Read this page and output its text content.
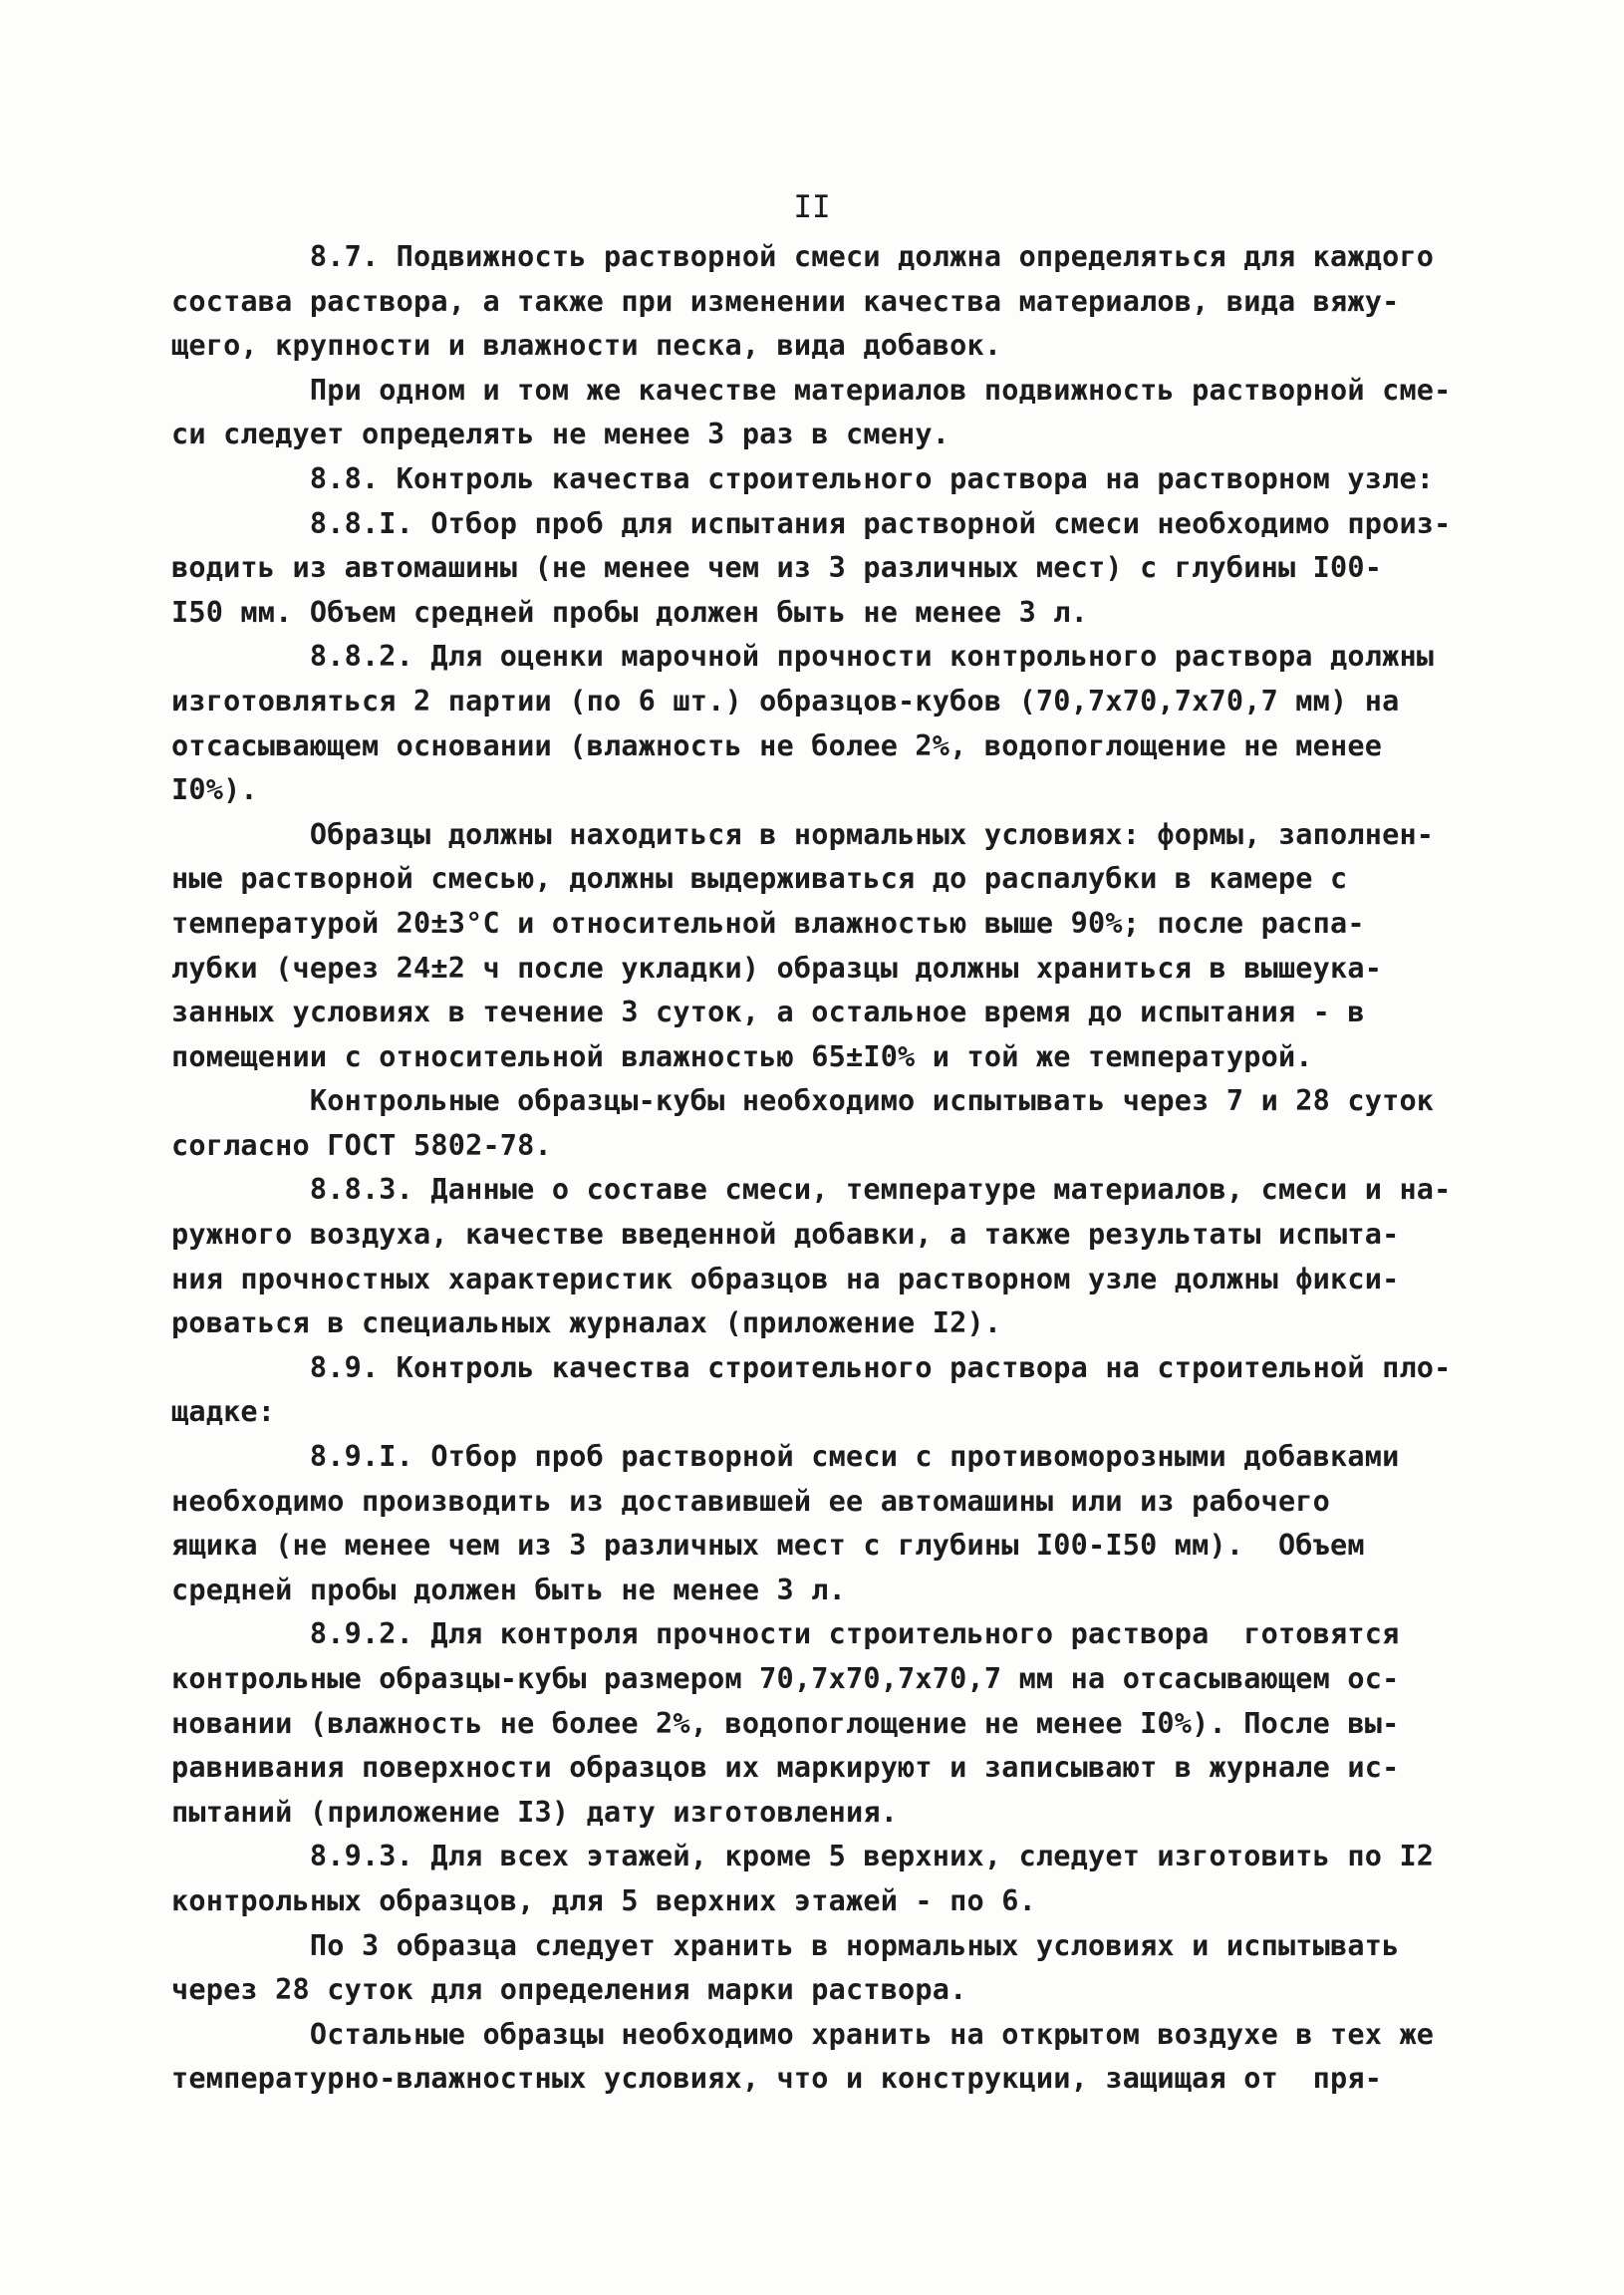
II
8.7. Подвижность растворной смеси должна определяться для каждого
состава раствора, а также при изменении качества материалов, вида вяжу-
щего, крупности и влажности песка, вида добавок.
При одном и том же качестве материалов подвижность растворной сме-
си следует определять не менее 3 раз в смену.
8.8. Контроль качества строительного раствора на растворном узле:
8.8.I. Отбор проб для испытания растворной смеси необходимо произ-
водить из автомашины (не менее чем из 3 различных мест) с глубины I00-
I50 мм. Объем средней пробы должен быть не менее 3 л.
8.8.2. Для оценки марочной прочности контрольного раствора должны
изготовляться 2 партии (по 6 шт.) образцов-кубов (70,7x70,7x70,7 мм) на
отсасывающем основании (влажность не более 2%, водопоглощение не менее
I0%).
Образцы должны находиться в нормальных условиях: формы, заполнен-
ные растворной смесью, должны выдерживаться до распалубки в камере с
температурой 20±3°С и относительной влажностью выше 90%; после распа-
лубки (через 24±2 ч после укладки) образцы должны храниться в вышеука-
занных условиях в течение 3 суток, а остальное время до испытания - в
помещении с относительной влажностью 65±I0% и той же температурой.
Контрольные образцы-кубы необходимо испытывать через 7 и 28 суток
согласно ГОСТ 5802-78.
8.8.3. Данные о составе смеси, температуре материалов, смеси и на-
ружного воздуха, качестве введенной добавки, а также результаты испыта-
ния прочностных характеристик образцов на растворном узле должны фикси-
роваться в специальных журналах (приложение I2).
8.9. Контроль качества строительного раствора на строительной пло-
щадке:
8.9.I. Отбор проб растворной смеси с противоморозными добавками
необходимо производить из доставившей ее автомашины или из рабочего
ящика (не менее чем из 3 различных мест с глубины I00-I50 мм).  Объем
средней пробы должен быть не менее 3 л.
8.9.2. Для контроля прочности строительного раствора  готовятся
контрольные образцы-кубы размером 70,7x70,7x70,7 мм на отсасывающем ос-
новании (влажность не более 2%, водопоглощение не менее I0%). После вы-
равнивания поверхности образцов их маркируют и записывают в журнале ис-
пытаний (приложение I3) дату изготовления.
8.9.3. Для всех этажей, кроме 5 верхних, следует изготовить по I2
контрольных образцов, для 5 верхних этажей - по 6.
По 3 образца следует хранить в нормальных условиях и испытывать
через 28 суток для определения марки раствора.
Остальные образцы необходимо хранить на открытом воздухе в тех же
температурно-влажностных условиях, что и конструкции, защищая от  пря-
